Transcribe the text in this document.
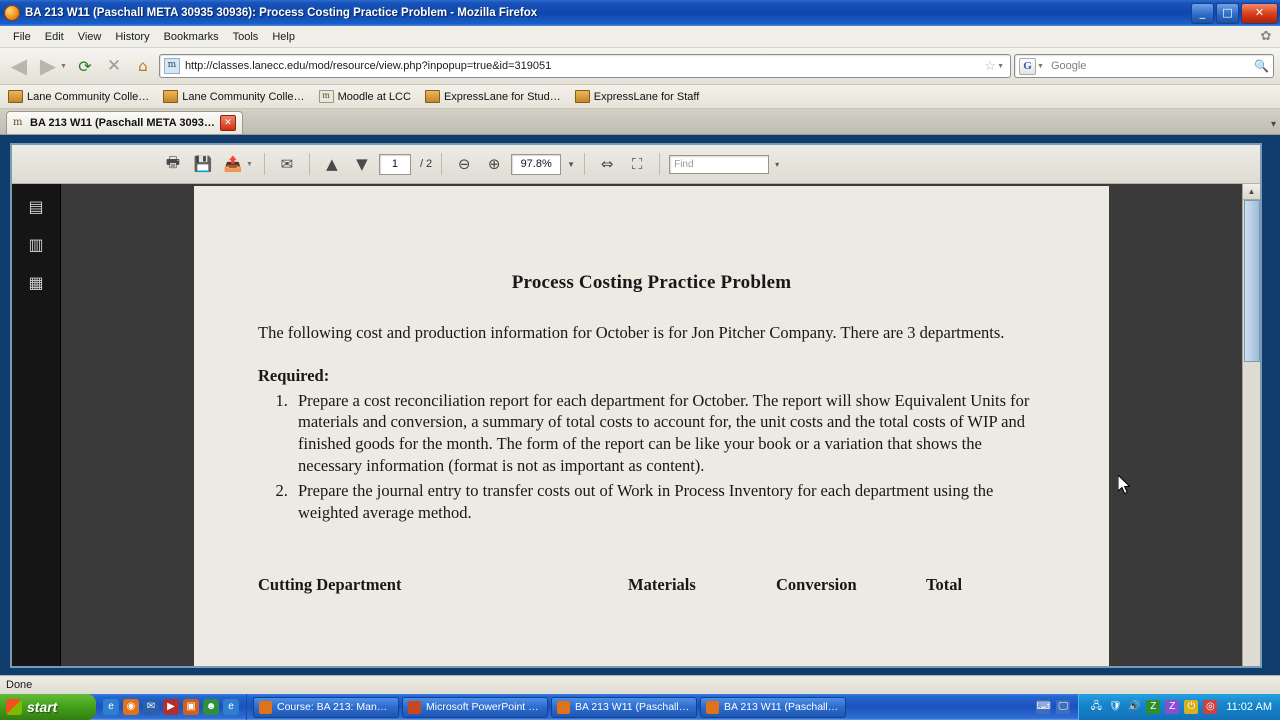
BA 213 W11 (Paschall META 30935 30936): Process Costing Practice Problem - Mozilla Firefox	_	□	✕
File	Edit	View	History	Bookmarks	Tools	Help	✿
◀ ▶ ▼ ⟳ ✕	⌂	m http://classes.lanecc.edu/mod/resource/view.php?inpopup=true&id=319051	☆ ▼	G ▼ Google	🔍
Lane Community Colle…	Lane Community Colle…	m Moodle at LCC	ExpressLane for Stud…	ExpressLane for Staff
m BA 213 W11 (Paschall META 3093…	✕	▾
🖶 💾 📤 ▼	✉	▲	▼	1	/ 2	⊖	⊕	97.8%	▼	⇔	⛶	Find	▾
▤
▥
▦	Process Costing Practice Problem
The following cost and production information for October is for Jon Pitcher Company. There are 3 departments.
Required:
1. Prepare a cost reconciliation report for each department for October. The report will show Equivalent Units for materials and conversion, a summary of total costs to account for, the unit costs and the total costs of WIP and finished goods for the month. The form of the report can be like your book or a variation that shows the necessary information (format is not as important as content).
2. Prepare the journal entry to transfer costs out of Work in Process Inventory for each department using the weighted average method.
Cutting Department	Materials	Conversion	Total
▲
Done
start	e	◉	✉	▶	▣	☻	e	Course: BA 213: Man…	Microsoft PowerPoint …	BA 213 W11 (Paschall…	BA 213 W11 (Paschall…	⌨ 🖵 🖧 🛡 🔊 Z	Z	⏻	◎ 11:02 AM
